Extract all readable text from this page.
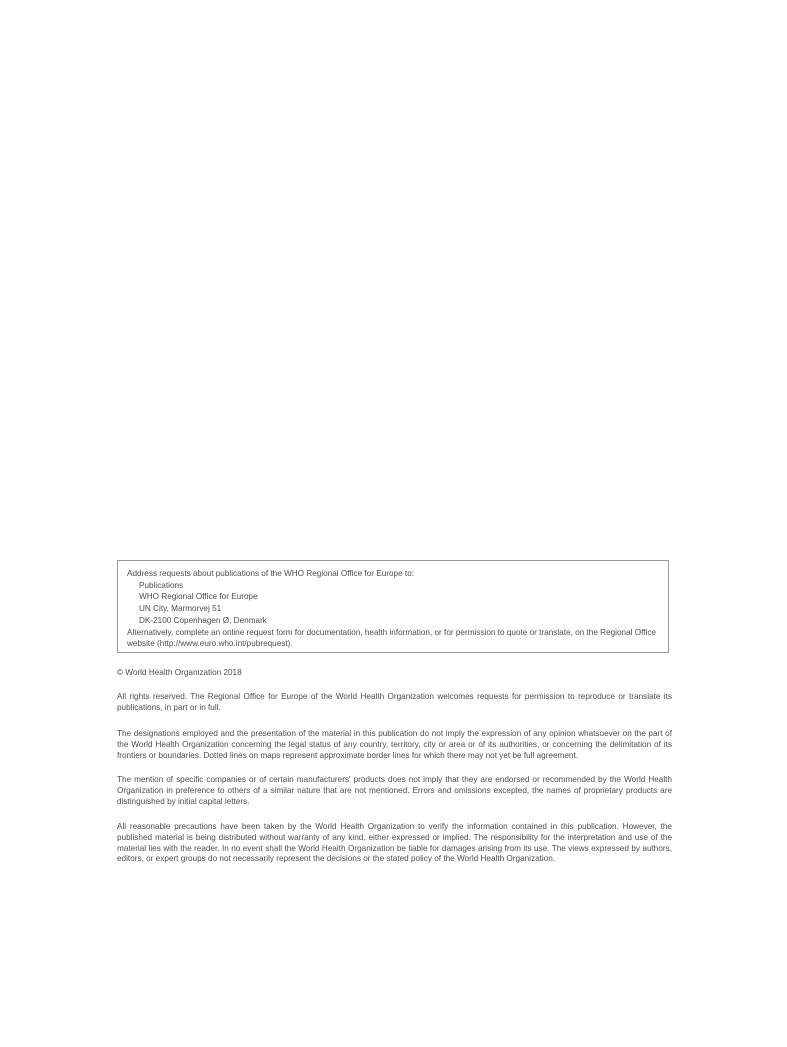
Address requests about publications of the WHO Regional Office for Europe to:

Publications

WHO Regional Office for Europe

UN City, Marmorvej 51

DK-2100 Copenhagen Ø, Denmark

Alternatively, complete an online request form for documentation, health information, or for permission to quote or translate, on the Regional Office website (http://www.euro.who.int/pubrequest).

© World Health Organization 2018

All rights reserved. The Regional Office for Europe of the World Health Organization welcomes requests for permission to reproduce or translate its publications, in part or in full.

The designations employed and the presentation of the material in this publication do not imply the expression of any opinion whatsoever on the part of the World Health Organization concerning the legal status of any country, territory, city or area or of its authorities, or concerning the delimitation of its frontiers or boundaries. Dotted lines on maps represent approximate border lines for which there may not yet be full agreement.

The mention of specific companies or of certain manufacturers' products does not imply that they are endorsed or recommended by the World Health Organization in preference to others of a similar nature that are not mentioned. Errors and omissions excepted, the names of proprietary products are distinguished by initial capital letters.

All reasonable precautions have been taken by the World Health Organization to verify the information contained in this publication. However, the published material is being distributed without warranty of any kind, either expressed or implied. The responsibility for the interpretation and use of the material lies with the reader. In no event shall the World Health Organization be liable for damages arising from its use. The views expressed by authors, editors, or expert groups do not necessarily represent the decisions or the stated policy of the World Health Organization.
